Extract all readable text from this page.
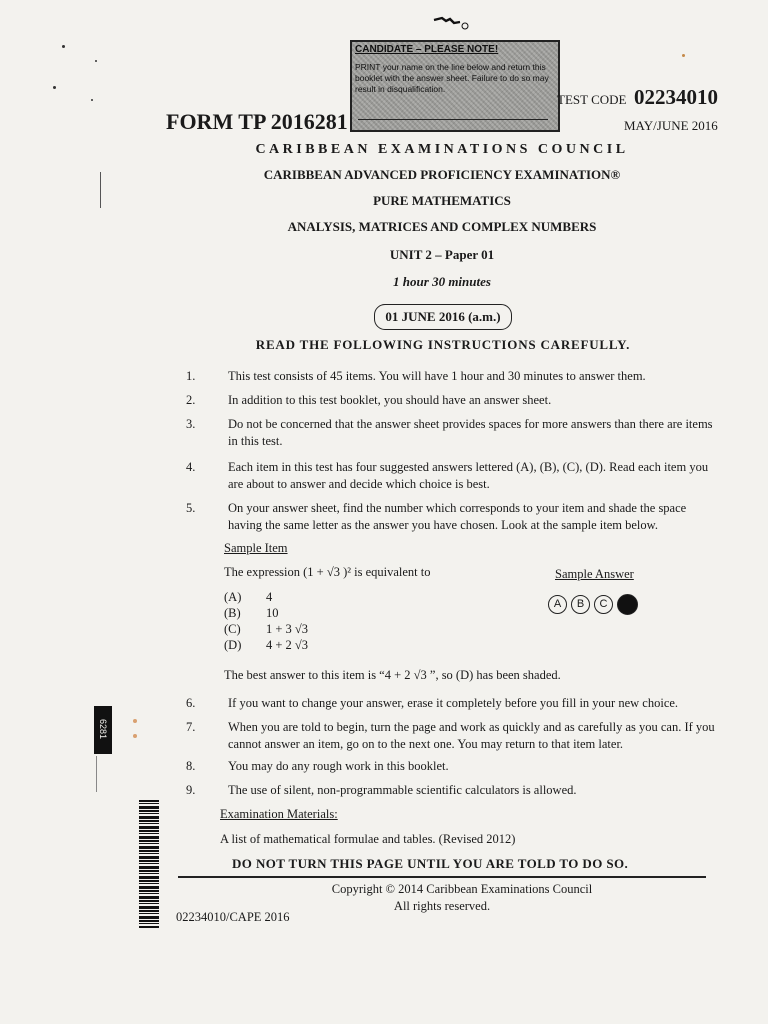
CANDIDATE – PLEASE NOTE!
PRINT your name on the line below and return this booklet with the answer sheet. Failure to do so may result in disqualification.
FORM TP 2016281
TEST CODE 02234010
MAY/JUNE 2016
CARIBBEAN EXAMINATIONS COUNCIL
CARIBBEAN ADVANCED PROFICIENCY EXAMINATION®
PURE MATHEMATICS
ANALYSIS, MATRICES AND COMPLEX NUMBERS
UNIT 2 – Paper 01
1 hour 30 minutes
01 JUNE 2016 (a.m.)
READ THE FOLLOWING INSTRUCTIONS CAREFULLY.
1.	This test consists of 45 items. You will have 1 hour and 30 minutes to answer them.
2.	In addition to this test booklet, you should have an answer sheet.
3.	Do not be concerned that the answer sheet provides spaces for more answers than there are items in this test.
4.	Each item in this test has four suggested answers lettered (A), (B), (C), (D). Read each item you are about to answer and decide which choice is best.
5.	On your answer sheet, find the number which corresponds to your item and shade the space having the same letter as the answer you have chosen. Look at the sample item below.
Sample Item
The expression (1 + √3 )² is equivalent to	Sample Answer
(A) 4
(B) 10
(C) 1 + 3 √3
(D) 4 + 2 √3
A B C
The best answer to this item is “4 + 2 √3 ”, so (D) has been shaded.
6.	If you want to change your answer, erase it completely before you fill in your new choice.
7.	When you are told to begin, turn the page and work as quickly and as carefully as you can. If you cannot answer an item, go on to the next one. You may return to that item later.
8.	You may do any rough work in this booklet.
9.	The use of silent, non-programmable scientific calculators is allowed.
Examination Materials:
A list of mathematical formulae and tables. (Revised 2012)
DO NOT TURN THIS PAGE UNTIL YOU ARE TOLD TO DO SO.
Copyright © 2014 Caribbean Examinations Council
All rights reserved.
02234010/CAPE 2016
6281
